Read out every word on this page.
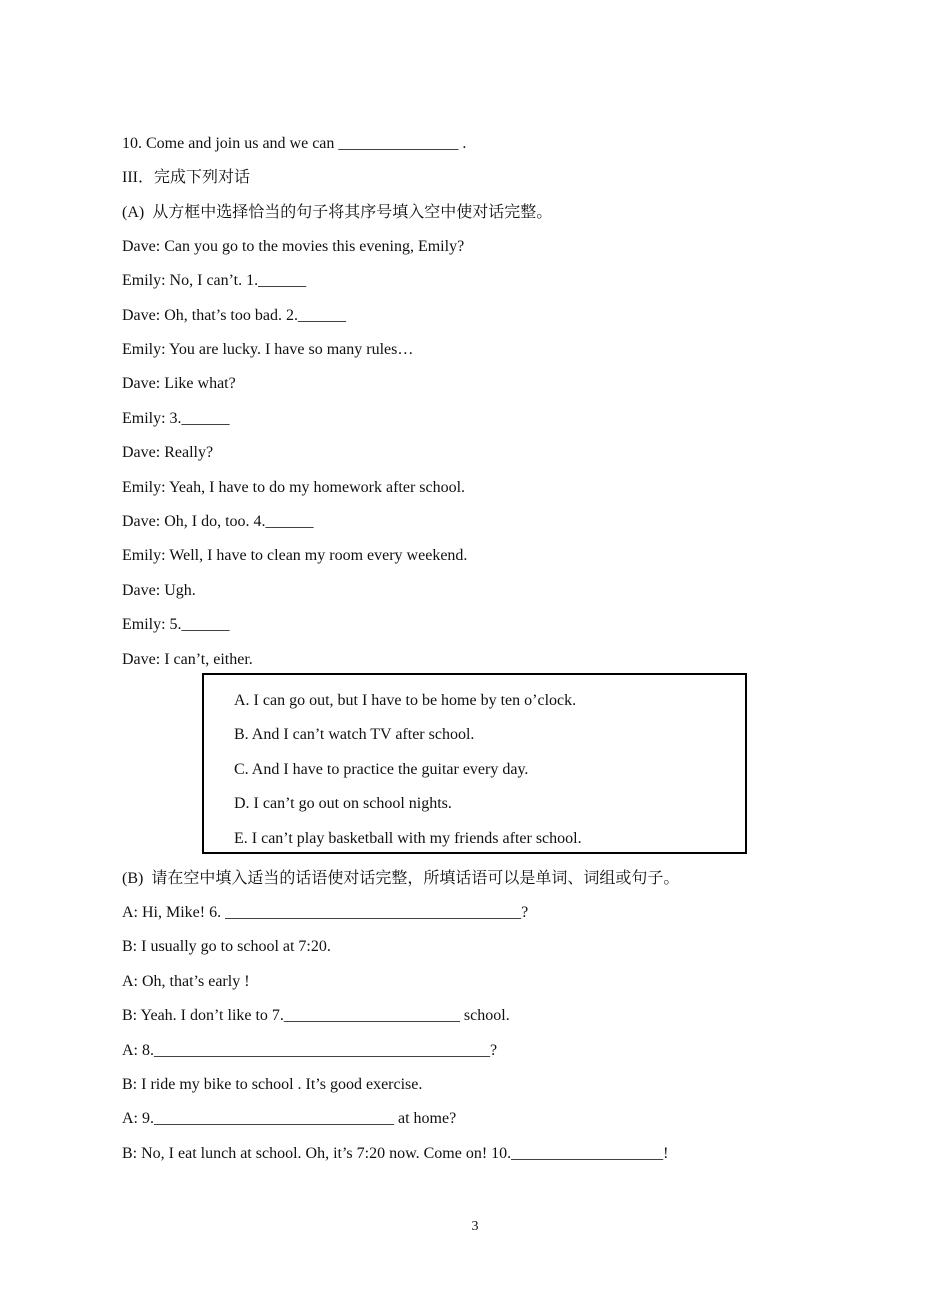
10. Come and join us and we can _______________ .
III．完成下列对话
(A)  从方框中选择恰当的句子将其序号填入空中使对话完整。
Dave: Can you go to the movies this evening, Emily?
Emily: No, I can’t. 1.______
Dave: Oh, that’s too bad. 2.______
Emily: You are lucky. I have so many rules…
Dave: Like what?
Emily: 3.______
Dave: Really?
Emily: Yeah, I have to do my homework after school.
Dave: Oh, I do, too. 4.______
Emily: Well, I have to clean my room every weekend.
Dave: Ugh.
Emily: 5.______
Dave: I can’t, either.
A. I can go out, but I have to be home by ten o’clock.
B. And I can’t watch TV after school.
C. And I have to practice the guitar every day.
D. I can’t go out on school nights.
E. I can’t play basketball with my friends after school.
(B)  请在空中填入适当的话语使对话完整，所填话语可以是单词、词组或句子。
A: Hi, Mike! 6. _____________________________________?
B: I usually go to school at 7:20.
A: Oh, that’s early !
B: Yeah. I don’t like to 7.______________________ school.
A: 8.__________________________________________?
B: I ride my bike to school . It’s good exercise.
A: 9.______________________________ at home?
B: No, I eat lunch at school. Oh, it’s 7:20 now. Come on! 10.___________________!
3
